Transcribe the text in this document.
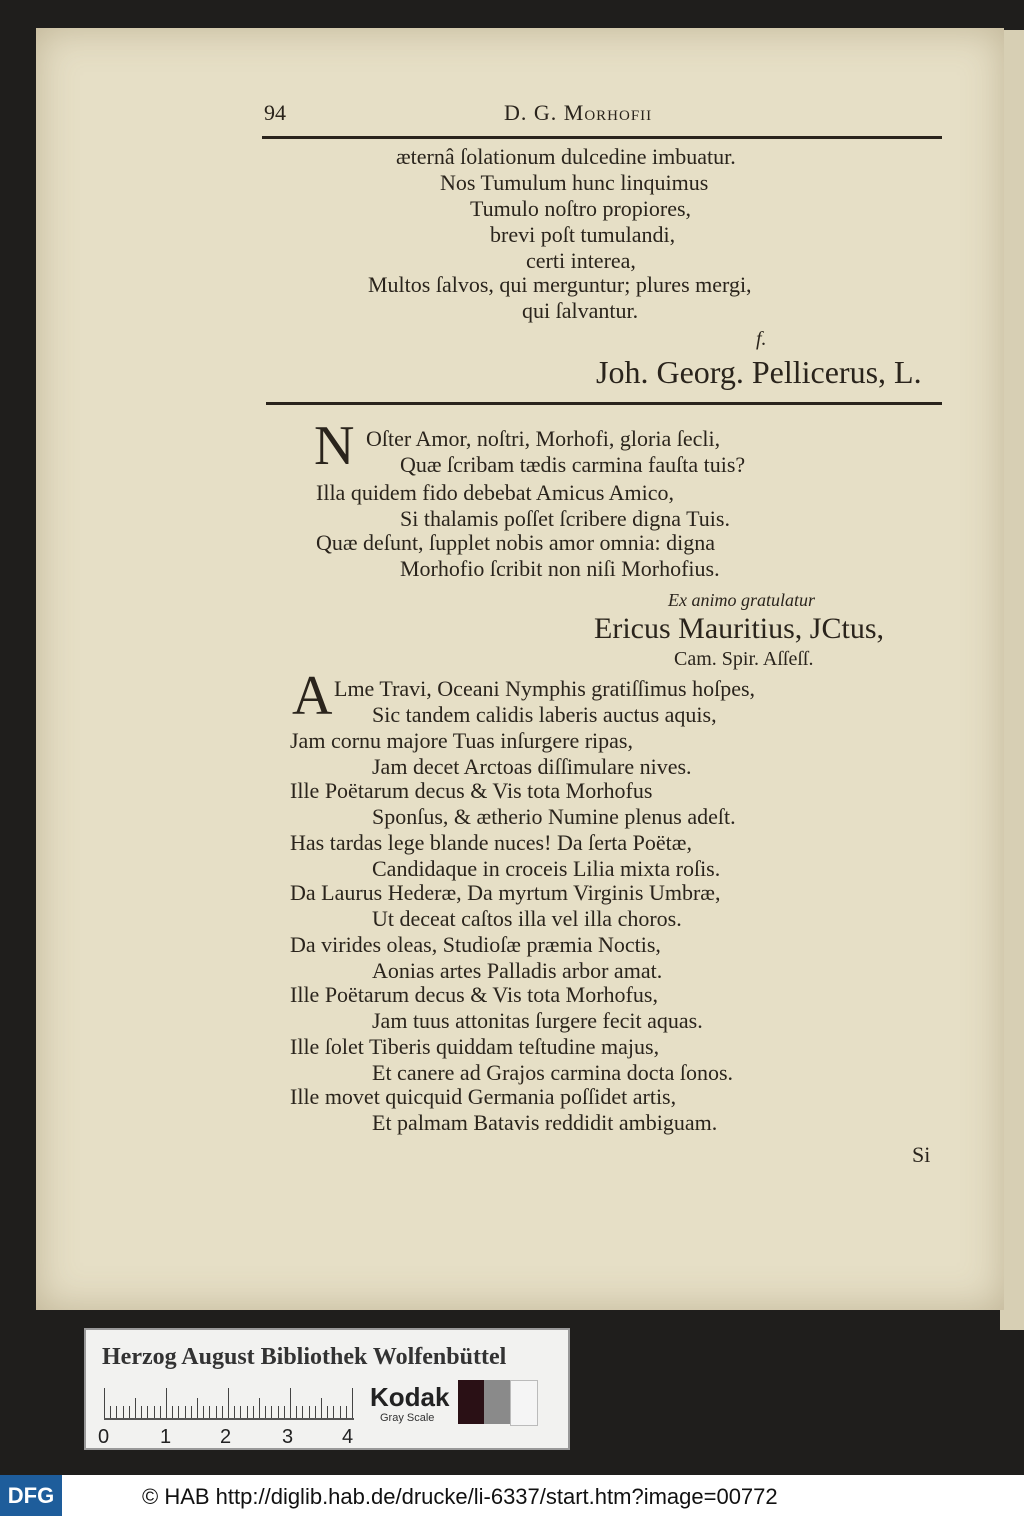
94	D. G. Morhofii
æternâ ſolationum dulcedine imbuatur.
Nos Tumulum hunc linquimus
Tumulo noſtro propiores,
brevi poſt tumulandi,
certi interea,
Multos ſalvos, qui merguntur; plures mergi,
qui ſalvantur.
f.
Joh. Georg. Pellicerus, L.
N Oſter Amor, noſtri, Morhofi, gloria ſecli,
Quæ ſcribam tædis carmina fauſta tuis?
Illa quidem fido debebat Amicus Amico,
Si thalamis poſſet ſcribere digna Tuis.
Quæ deſunt, ſupplet nobis amor omnia: digna
Morhofio ſcribit non niſi Morhofius.
Ex animo gratulatur
Ericus Mauritius, JCtus,
Cam. Spir. Aſſeſſ.
A Lme Travi, Oceani Nymphis gratiſſimus hoſpes,
Sic tandem calidis laberis auctus aquis,
Jam cornu majore Tuas inſurgere ripas,
Jam decet Arctoas diſſimulare nives.
Ille Poëtarum decus & Vis tota Morhofus
Sponſus, & ætherio Numine plenus adeſt.
Has tardas lege blande nuces! Da ſerta Poëtæ,
Candidaque in croceis Lilia mixta roſis.
Da Laurus Hederæ, Da myrtum Virginis Umbræ,
Ut deceat caſtos illa vel illa choros.
Da virides oleas, Studioſæ præmia Noctis,
Aonias artes Palladis arbor amat.
Ille Poëtarum decus & Vis tota Morhofus,
Jam tuus attonitas ſurgere fecit aquas.
Ille ſolet Tiberis quiddam teſtudine majus,
Et canere ad Grajos carmina docta ſonos.
Ille movet quicquid Germania poſſidet artis,
Et palmam Batavis reddidit ambiguam.
Si
Herzog August Bibliothek Wolfenbüttel
0	1 2	3 4
Kodak
Gray Scale
DFG	© HAB http://diglib.hab.de/drucke/li-6337/start.htm?image=00772
